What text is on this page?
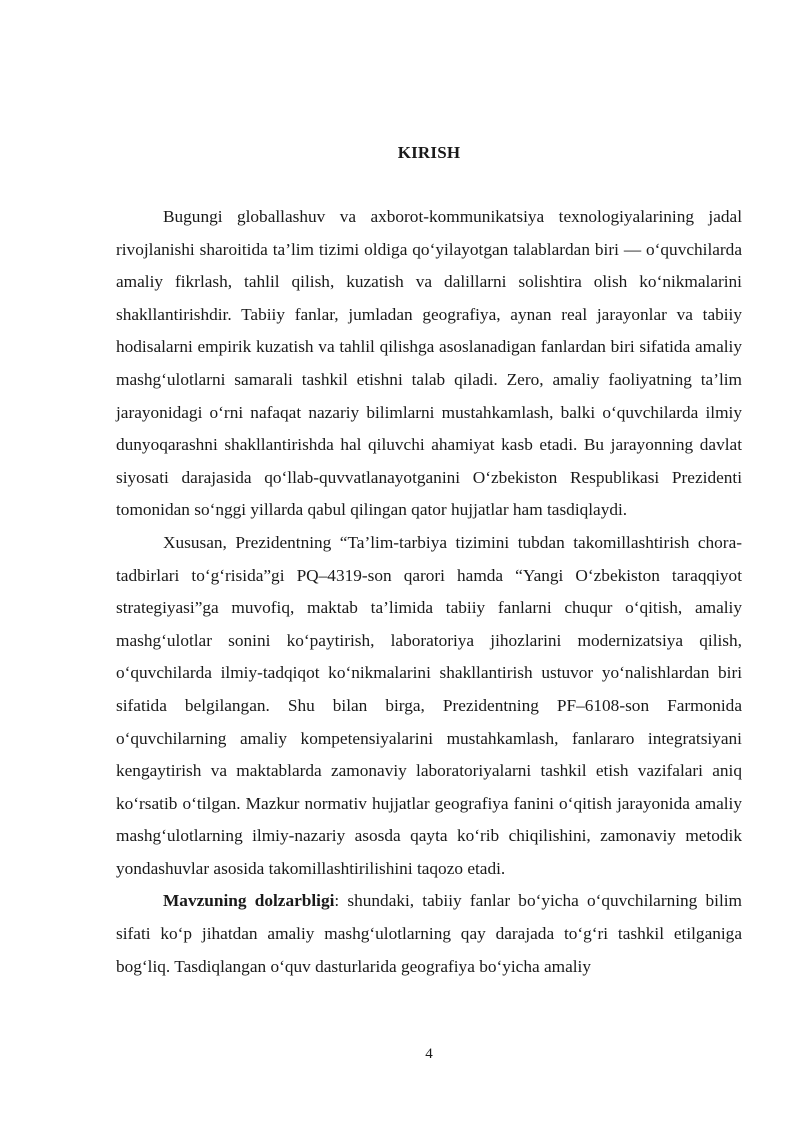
KIRISH

Bugungi globallashuv va axborot-kommunikatsiya texnologiyalarining jadal rivojlanishi sharoitida ta’lim tizimi oldiga qo‘yilayotgan talablardan biri — o‘quvchilarda amaliy fikrlash, tahlil qilish, kuzatish va dalillarni solishtira olish ko‘nikmalarini shakllantirishdir. Tabiiy fanlar, jumladan geografiya, aynan real jarayonlar va tabiiy hodisalarni empirik kuzatish va tahlil qilishga asoslanadigan fanlardan biri sifatida amaliy mashg‘ulotlarni samarali tashkil etishni talab qiladi. Zero, amaliy faoliyatning ta’lim jarayonidagi o‘rni nafaqat nazariy bilimlarni mustahkamlash, balki o‘quvchilarda ilmiy dunyoqarashni shakllantirishda hal qiluvchi ahamiyat kasb etadi. Bu jarayonning davlat siyosati darajasida qo‘llab-quvvatlanayotganini O‘zbekiston Respublikasi Prezidenti tomonidan so‘nggi yillarda qabul qilingan qator hujjatlar ham tasdiqlaydi.

Xususan, Prezidentning “Ta’lim-tarbiya tizimini tubdan takomillashtirish chora-tadbirlari to‘g‘risida”gi PQ–4319-son qarori hamda “Yangi O‘zbekiston taraqqiyot strategiyasi”ga muvofiq, maktab ta’limida tabiiy fanlarni chuqur o‘qitish, amaliy mashg‘ulotlar sonini ko‘paytirish, laboratoriya jihozlarini modernizatsiya qilish, o‘quvchilarda ilmiy-tadqiqot ko‘nikmalarini shakllantirish ustuvor yo‘nalishlardan biri sifatida belgilangan. Shu bilan birga, Prezidentning PF–6108-son Farmonida o‘quvchilarning amaliy kompetensiyalarini mustahkamlash, fanlararo integratsiyani kengaytirish va maktablarda zamonaviy laboratoriyalarni tashkil etish vazifalari aniq ko‘rsatib o‘tilgan. Mazkur normativ hujjatlar geografiya fanini o‘qitish jarayonida amaliy mashg‘ulotlarning ilmiy-nazariy asosda qayta ko‘rib chiqilishini, zamonaviy metodik yondashuvlar asosida takomillashtirilishini taqozo etadi.

Mavzuning dolzarbligi: shundaki, tabiiy fanlar bo‘yicha o‘quvchilarning bilim sifati ko‘p jihatdan amaliy mashg‘ulotlarning qay darajada to‘g‘ri tashkil etilganiga bog‘liq. Tasdiqlangan o‘quv dasturlarida geografiya bo‘yicha amaliy

4
